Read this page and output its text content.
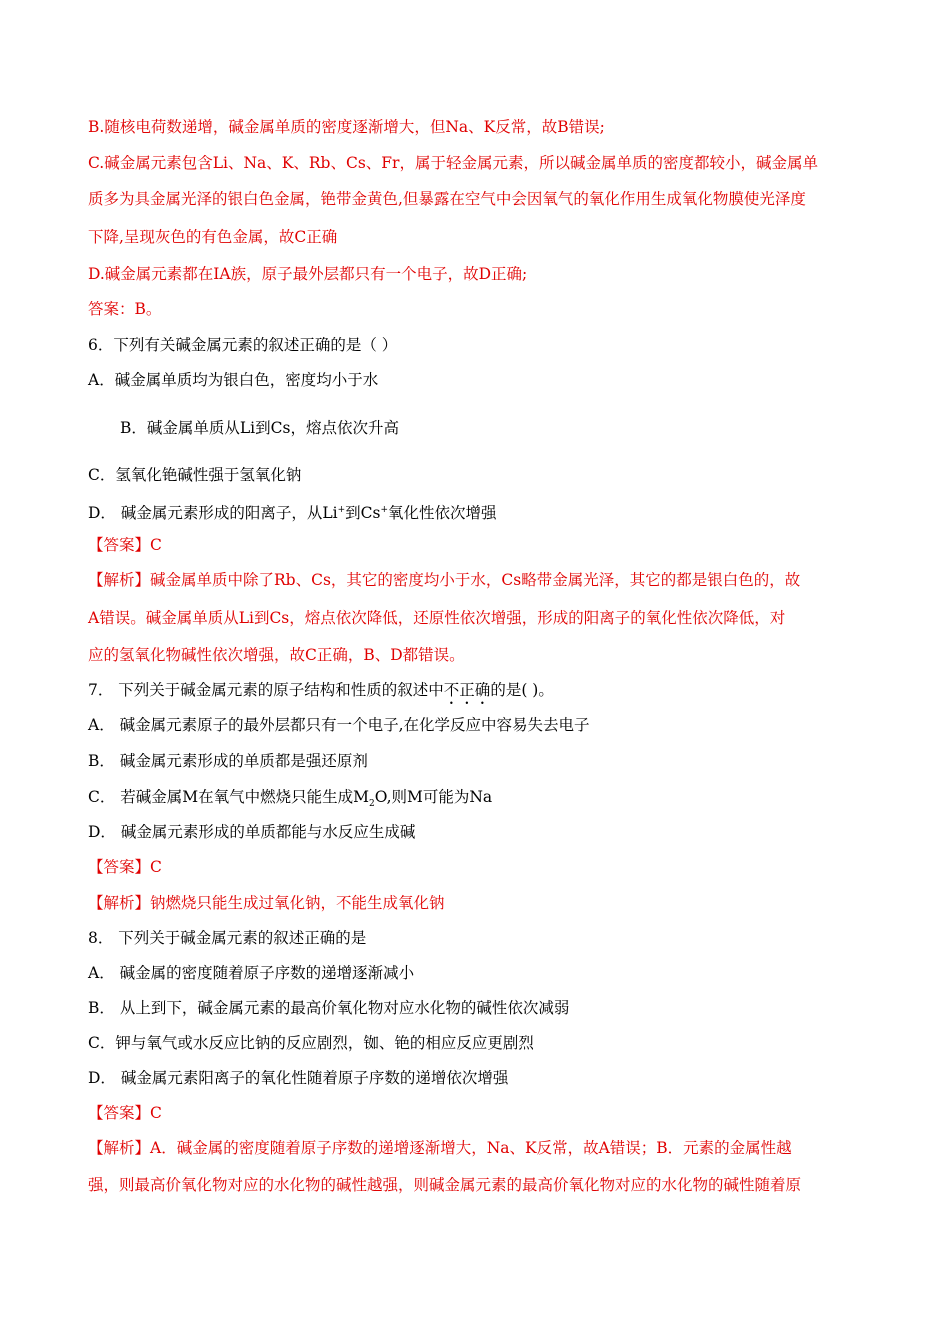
B.随核电荷数递增，碱金属单质的密度逐渐增大，但Na、K反常，故B错误;
C.碱金属元素包含Li、Na、K、Rb、Cs、Fr，属于轻金属元素，所以碱金属单质的密度都较小，碱金属单
质多为具金属光泽的银白色金属，铯带金黄色,但暴露在空气中会因氧气的氧化作用生成氧化物膜使光泽度
下降,呈现灰色的有色金属，故C正确
D.碱金属元素都在IA族，原子最外层都只有一个电子，故D正确;
答案：B。
6．下列有关碱金属元素的叙述正确的是（ ）
A．碱金属单质均为银白色，密度均小于水
B．碱金属单质从Li到Cs，熔点依次升高
C．氢氧化铯碱性强于氢氧化钠
D． 碱金属元素形成的阳离子，从Li+到Cs+氧化性依次增强
【答案】C
【解析】碱金属单质中除了Rb、Cs，其它的密度均小于水，Cs略带金属光泽，其它的都是银白色的，故
A错误。碱金属单质从Li到Cs，熔点依次降低，还原性依次增强，形成的阳离子的氧化性依次降低，对
应的氢氧化物碱性依次增强，故C正确，B、D都错误。
7． 下列关于碱金属元素的原子结构和性质的叙述中不正确的是( )。
A． 碱金属元素原子的最外层都只有一个电子,在化学反应中容易失去电子
B． 碱金属元素形成的单质都是强还原剂
C． 若碱金属M在氧气中燃烧只能生成$M_2O$,则M可能为Na
D． 碱金属元素形成的单质都能与水反应生成碱
【答案】C
【解析】钠燃烧只能生成过氧化钠，不能生成氧化钠
8． 下列关于碱金属元素的叙述正确的是
A． 碱金属的密度随着原子序数的递增逐渐减小
B． 从上到下，碱金属元素的最高价氧化物对应水化物的碱性依次减弱
C．钾与氧气或水反应比钠的反应剧烈，铷、铯的相应反应更剧烈
D． 碱金属元素阳离子的氧化性随着原子序数的递增依次增强
【答案】C
【解析】A．碱金属的密度随着原子序数的递增逐渐增大，Na、K反常，故A错误；B．元素的金属性越
强，则最高价氧化物对应的水化物的碱性越强，则碱金属元素的最高价氧化物对应的水化物的碱性随着原
